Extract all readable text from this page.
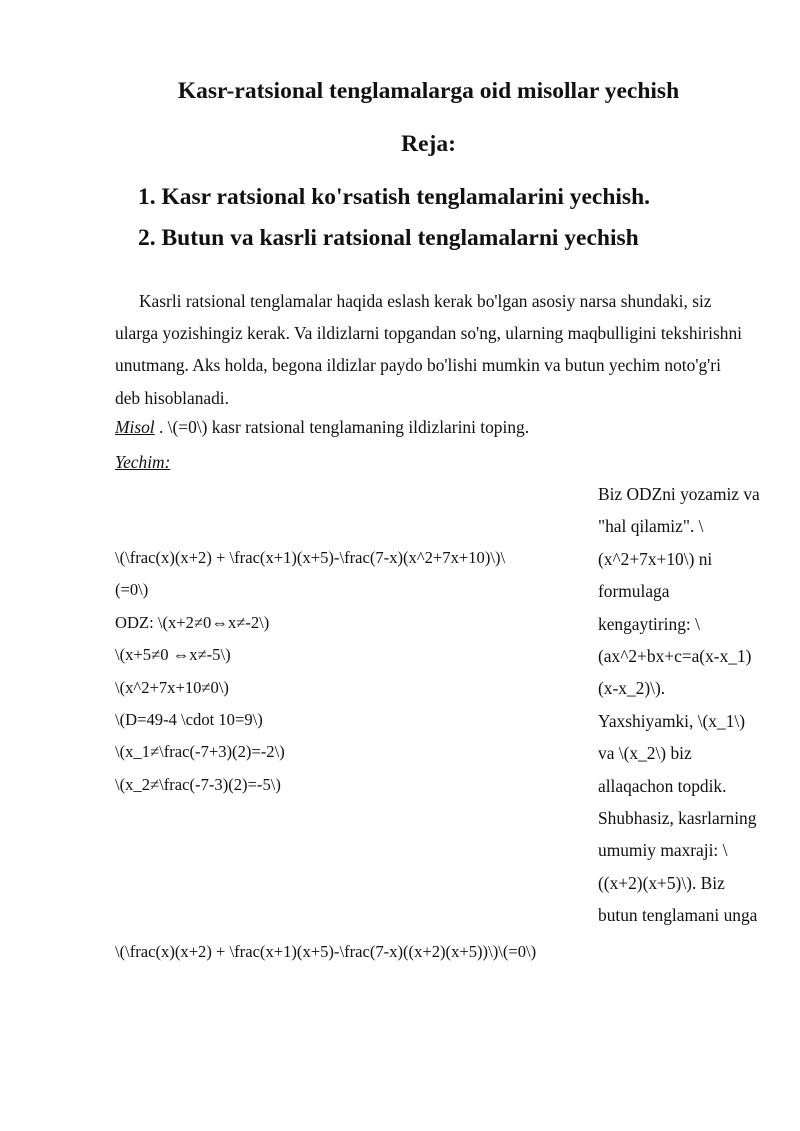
Kasr-ratsional tenglamalarga oid misollar yechish
Reja:
1. Kasr ratsional ko'rsatish tenglamalarini yechish.
2. Butun va kasrli ratsional tenglamalarni yechish
Kasrli ratsional tenglamalar haqida eslash kerak bo'lgan asosiy narsa shundaki, siz ularga yozishingiz kerak. Va ildizlarni topgandan so'ng, ularning maqbulligini tekshirishni unutmang. Aks holda, begona ildizlar paydo bo'lishi mumkin va butun yechim noto'g'ri deb hisoblanadi.
Misol . \(=0\) kasr ratsional tenglamaning ildizlarini toping.
Yechim:
\(\frac(x)(x+2) + \frac(x+1)(x+5)-\frac(7-x)(x^2+7x+10)\)\
(=0\)
ODZ: \(x+2≠0⇔x≠-2\)
\(x+5≠0 ⇔x≠-5\)
\(x^2+7x+10≠0\)
\(D=49-4 \cdot 10=9\)
\(x_1≠\frac(-7+3)(2)=-2\)
\(x_2≠\frac(-7-3)(2)=-5\)
\(\frac(x)(x+2) + \frac(x+1)(x+5)-\frac(7-x)((x+2)(x+5))\)\(=0\)
Biz ODZni yozamiz va "hal qilamiz". \(x^2+7x+10\) ni formulaga kengaytiring: \(ax^2+bx+c=a(x-x_1)(x-x_2)\). Yaxshiyamki, \(x_1\) va \(x_2\) biz allaqachon topdik. Shubhasiz, kasrlarning umumiy maxraji: \((x+2)(x+5)\). Biz butun tenglamani unga
